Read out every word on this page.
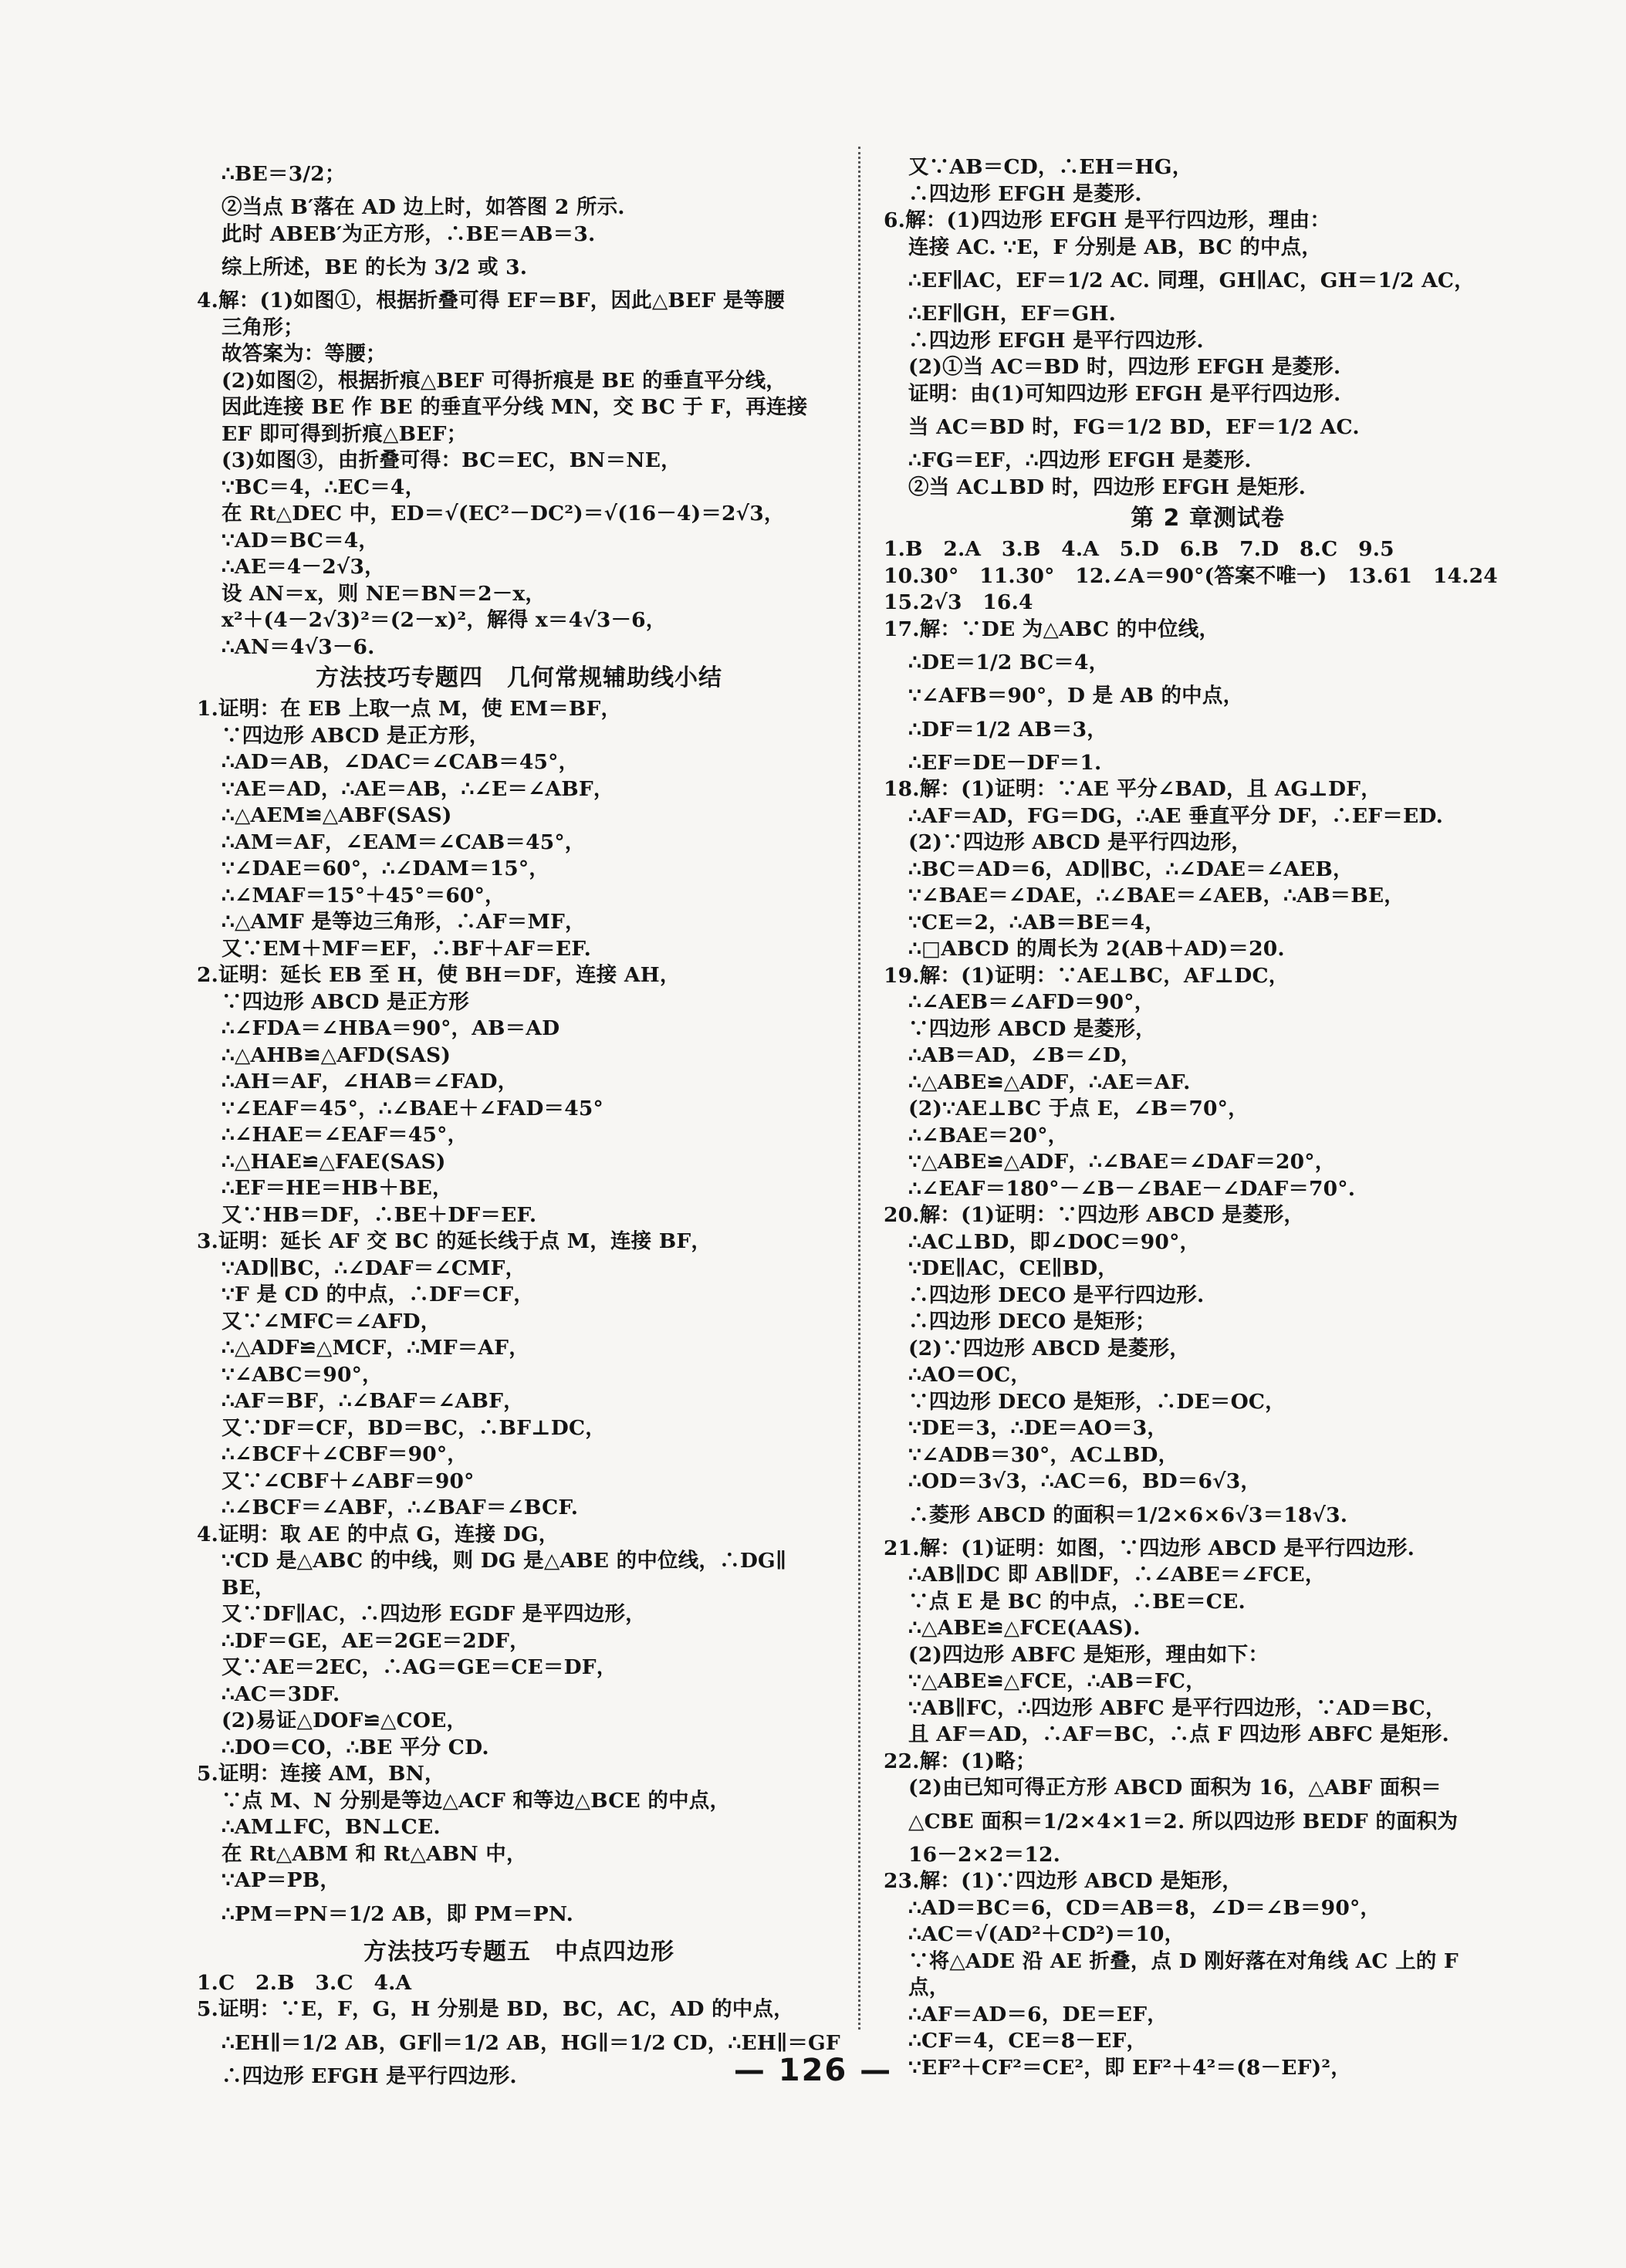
∴BE＝3/2；
②当点 B′落在 AD 边上时，如答图 2 所示.
此时 ABEB′为正方形，∴BE＝AB＝3.
综上所述，BE 的长为 3/2 或 3.
4.解：(1)如图①，根据折叠可得 EF＝BF，因此△BEF 是等腰
三角形；
故答案为：等腰；
(2)如图②，根据折痕△BEF 可得折痕是 BE 的垂直平分线，
因此连接 BE 作 BE 的垂直平分线 MN，交 BC 于 F，再连接
EF 即可得到折痕△BEF；
(3)如图③，由折叠可得：BC＝EC，BN＝NE，
∵BC＝4，∴EC＝4，
在 Rt△DEC 中，ED＝√(EC²－DC²)＝√(16－4)＝2√3，
∵AD＝BC＝4，
∴AE＝4－2√3，
设 AN＝x，则 NE＝BN＝2－x，
x²＋(4－2√3)²＝(2－x)²，解得 x＝4√3－6，
∴AN＝4√3－6.
方法技巧专题四　几何常规辅助线小结
1.证明：在 EB 上取一点 M，使 EM＝BF，
∵四边形 ABCD 是正方形，
∴AD＝AB，∠DAC＝∠CAB＝45°，
∵AE＝AD，∴AE＝AB，∴∠E＝∠ABF，
∴△AEM≌△ABF(SAS)
∴AM＝AF，∠EAM＝∠CAB＝45°，
∵∠DAE＝60°，∴∠DAM＝15°，
∴∠MAF＝15°＋45°＝60°，
∴△AMF 是等边三角形，∴AF＝MF，
又∵EM＋MF＝EF，∴BF＋AF＝EF.
2.证明：延长 EB 至 H，使 BH＝DF，连接 AH，
∵四边形 ABCD 是正方形
∴∠FDA＝∠HBA＝90°，AB＝AD
∴△AHB≌△AFD(SAS)
∴AH＝AF，∠HAB＝∠FAD，
∵∠EAF＝45°，∴∠BAE＋∠FAD＝45°
∴∠HAE＝∠EAF＝45°，
∴△HAE≌△FAE(SAS)
∴EF＝HE＝HB＋BE，
又∵HB＝DF，∴BE＋DF＝EF.
3.证明：延长 AF 交 BC 的延长线于点 M，连接 BF，
∵AD∥BC，∴∠DAF＝∠CMF，
∵F 是 CD 的中点，∴DF＝CF，
又∵∠MFC＝∠AFD，
∴△ADF≌△MCF，∴MF＝AF，
∵∠ABC＝90°，
∴AF＝BF，∴∠BAF＝∠ABF，
又∵DF＝CF，BD＝BC，∴BF⊥DC，
∴∠BCF＋∠CBF＝90°，
又∵∠CBF＋∠ABF＝90°
∴∠BCF＝∠ABF，∴∠BAF＝∠BCF.
4.证明：取 AE 的中点 G，连接 DG，
∵CD 是△ABC 的中线，则 DG 是△ABE 的中位线，∴DG∥
BE，
又∵DF∥AC，∴四边形 EGDF 是平四边形，
∴DF＝GE，AE＝2GE＝2DF，
又∵AE＝2EC，∴AG＝GE＝CE＝DF，
∴AC＝3DF.
(2)易证△DOF≌△COE，
∴DO＝CO，∴BE 平分 CD.
5.证明：连接 AM，BN，
∵点 M、N 分别是等边△ACF 和等边△BCE 的中点，
∴AM⊥FC，BN⊥CE.
在 Rt△ABM 和 Rt△ABN 中，
∵AP＝PB，
∴PM＝PN＝1/2 AB，即 PM＝PN.
方法技巧专题五　中点四边形
1.C　2.B　3.C　4.A
5.证明：∵E，F，G，H 分别是 BD，BC，AC，AD 的中点，
∴EH∥＝1/2 AB，GF∥＝1/2 AB，HG∥＝1/2 CD，∴EH∥＝GF
∴四边形 EFGH 是平行四边形.
又∵AB＝CD，∴EH＝HG，
∴四边形 EFGH 是菱形.
6.解：(1)四边形 EFGH 是平行四边形，理由：
连接 AC. ∵E，F 分别是 AB，BC 的中点，
∴EF∥AC，EF＝1/2 AC. 同理，GH∥AC，GH＝1/2 AC，
∴EF∥GH，EF＝GH.
∴四边形 EFGH 是平行四边形.
(2)①当 AC＝BD 时，四边形 EFGH 是菱形.
证明：由(1)可知四边形 EFGH 是平行四边形.
当 AC＝BD 时，FG＝1/2 BD，EF＝1/2 AC.
∴FG＝EF，∴四边形 EFGH 是菱形.
②当 AC⊥BD 时，四边形 EFGH 是矩形.
第 2 章测试卷
1.B　2.A　3.B　4.A　5.D　6.B　7.D　8.C　9.5
10.30°　11.30°　12.∠A＝90°(答案不唯一)　13.61　14.24
15.2√3　16.4
17.解：∵DE 为△ABC 的中位线，
∴DE＝1/2 BC＝4，
∵∠AFB＝90°，D 是 AB 的中点，
∴DF＝1/2 AB＝3，
∴EF＝DE－DF＝1.
18.解：(1)证明：∵AE 平分∠BAD，且 AG⊥DF，
∴AF＝AD，FG＝DG，∴AE 垂直平分 DF，∴EF＝ED.
(2)∵四边形 ABCD 是平行四边形，
∴BC＝AD＝6，AD∥BC，∴∠DAE＝∠AEB，
∵∠BAE＝∠DAE，∴∠BAE＝∠AEB，∴AB＝BE，
∵CE＝2，∴AB＝BE＝4，
∴□ABCD 的周长为 2(AB＋AD)＝20.
19.解：(1)证明：∵AE⊥BC，AF⊥DC，
∴∠AEB＝∠AFD＝90°，
∵四边形 ABCD 是菱形，
∴AB＝AD，∠B＝∠D，
∴△ABE≌△ADF，∴AE＝AF.
(2)∵AE⊥BC 于点 E，∠B＝70°，
∴∠BAE＝20°，
∵△ABE≌△ADF，∴∠BAE＝∠DAF＝20°，
∴∠EAF＝180°－∠B－∠BAE－∠DAF＝70°.
20.解：(1)证明：∵四边形 ABCD 是菱形，
∴AC⊥BD，即∠DOC＝90°，
∵DE∥AC，CE∥BD，
∴四边形 DECO 是平行四边形.
∴四边形 DECO 是矩形；
(2)∵四边形 ABCD 是菱形，
∴AO＝OC，
∵四边形 DECO 是矩形，∴DE＝OC，
∵DE＝3，∴DE＝AO＝3，
∵∠ADB＝30°，AC⊥BD，
∴OD＝3√3，∴AC＝6，BD＝6√3，
∴菱形 ABCD 的面积＝1/2×6×6√3＝18√3.
21.解：(1)证明：如图，∵四边形 ABCD 是平行四边形.
∴AB∥DC 即 AB∥DF，∴∠ABE＝∠FCE，
∵点 E 是 BC 的中点，∴BE＝CE.
∴△ABE≌△FCE(AAS).
(2)四边形 ABFC 是矩形，理由如下：
∵△ABE≌△FCE，∴AB＝FC，
∵AB∥FC，∴四边形 ABFC 是平行四边形，∵AD＝BC，
且 AF＝AD，∴AF＝BC，∴点 F 四边形 ABFC 是矩形.
22.解：(1)略；
(2)由已知可得正方形 ABCD 面积为 16，△ABF 面积＝
△CBE 面积＝1/2×4×1＝2. 所以四边形 BEDF 的面积为
16－2×2＝12.
23.解：(1)∵四边形 ABCD 是矩形，
∴AD＝BC＝6，CD＝AB＝8，∠D＝∠B＝90°，
∴AC＝√(AD²＋CD²)＝10，
∵将△ADE 沿 AE 折叠，点 D 刚好落在对角线 AC 上的 F
点，
∴AF＝AD＝6，DE＝EF，
∴CF＝4，CE＝8－EF，
∵EF²＋CF²＝CE²，即 EF²＋4²＝(8－EF)²，
— 126 —
